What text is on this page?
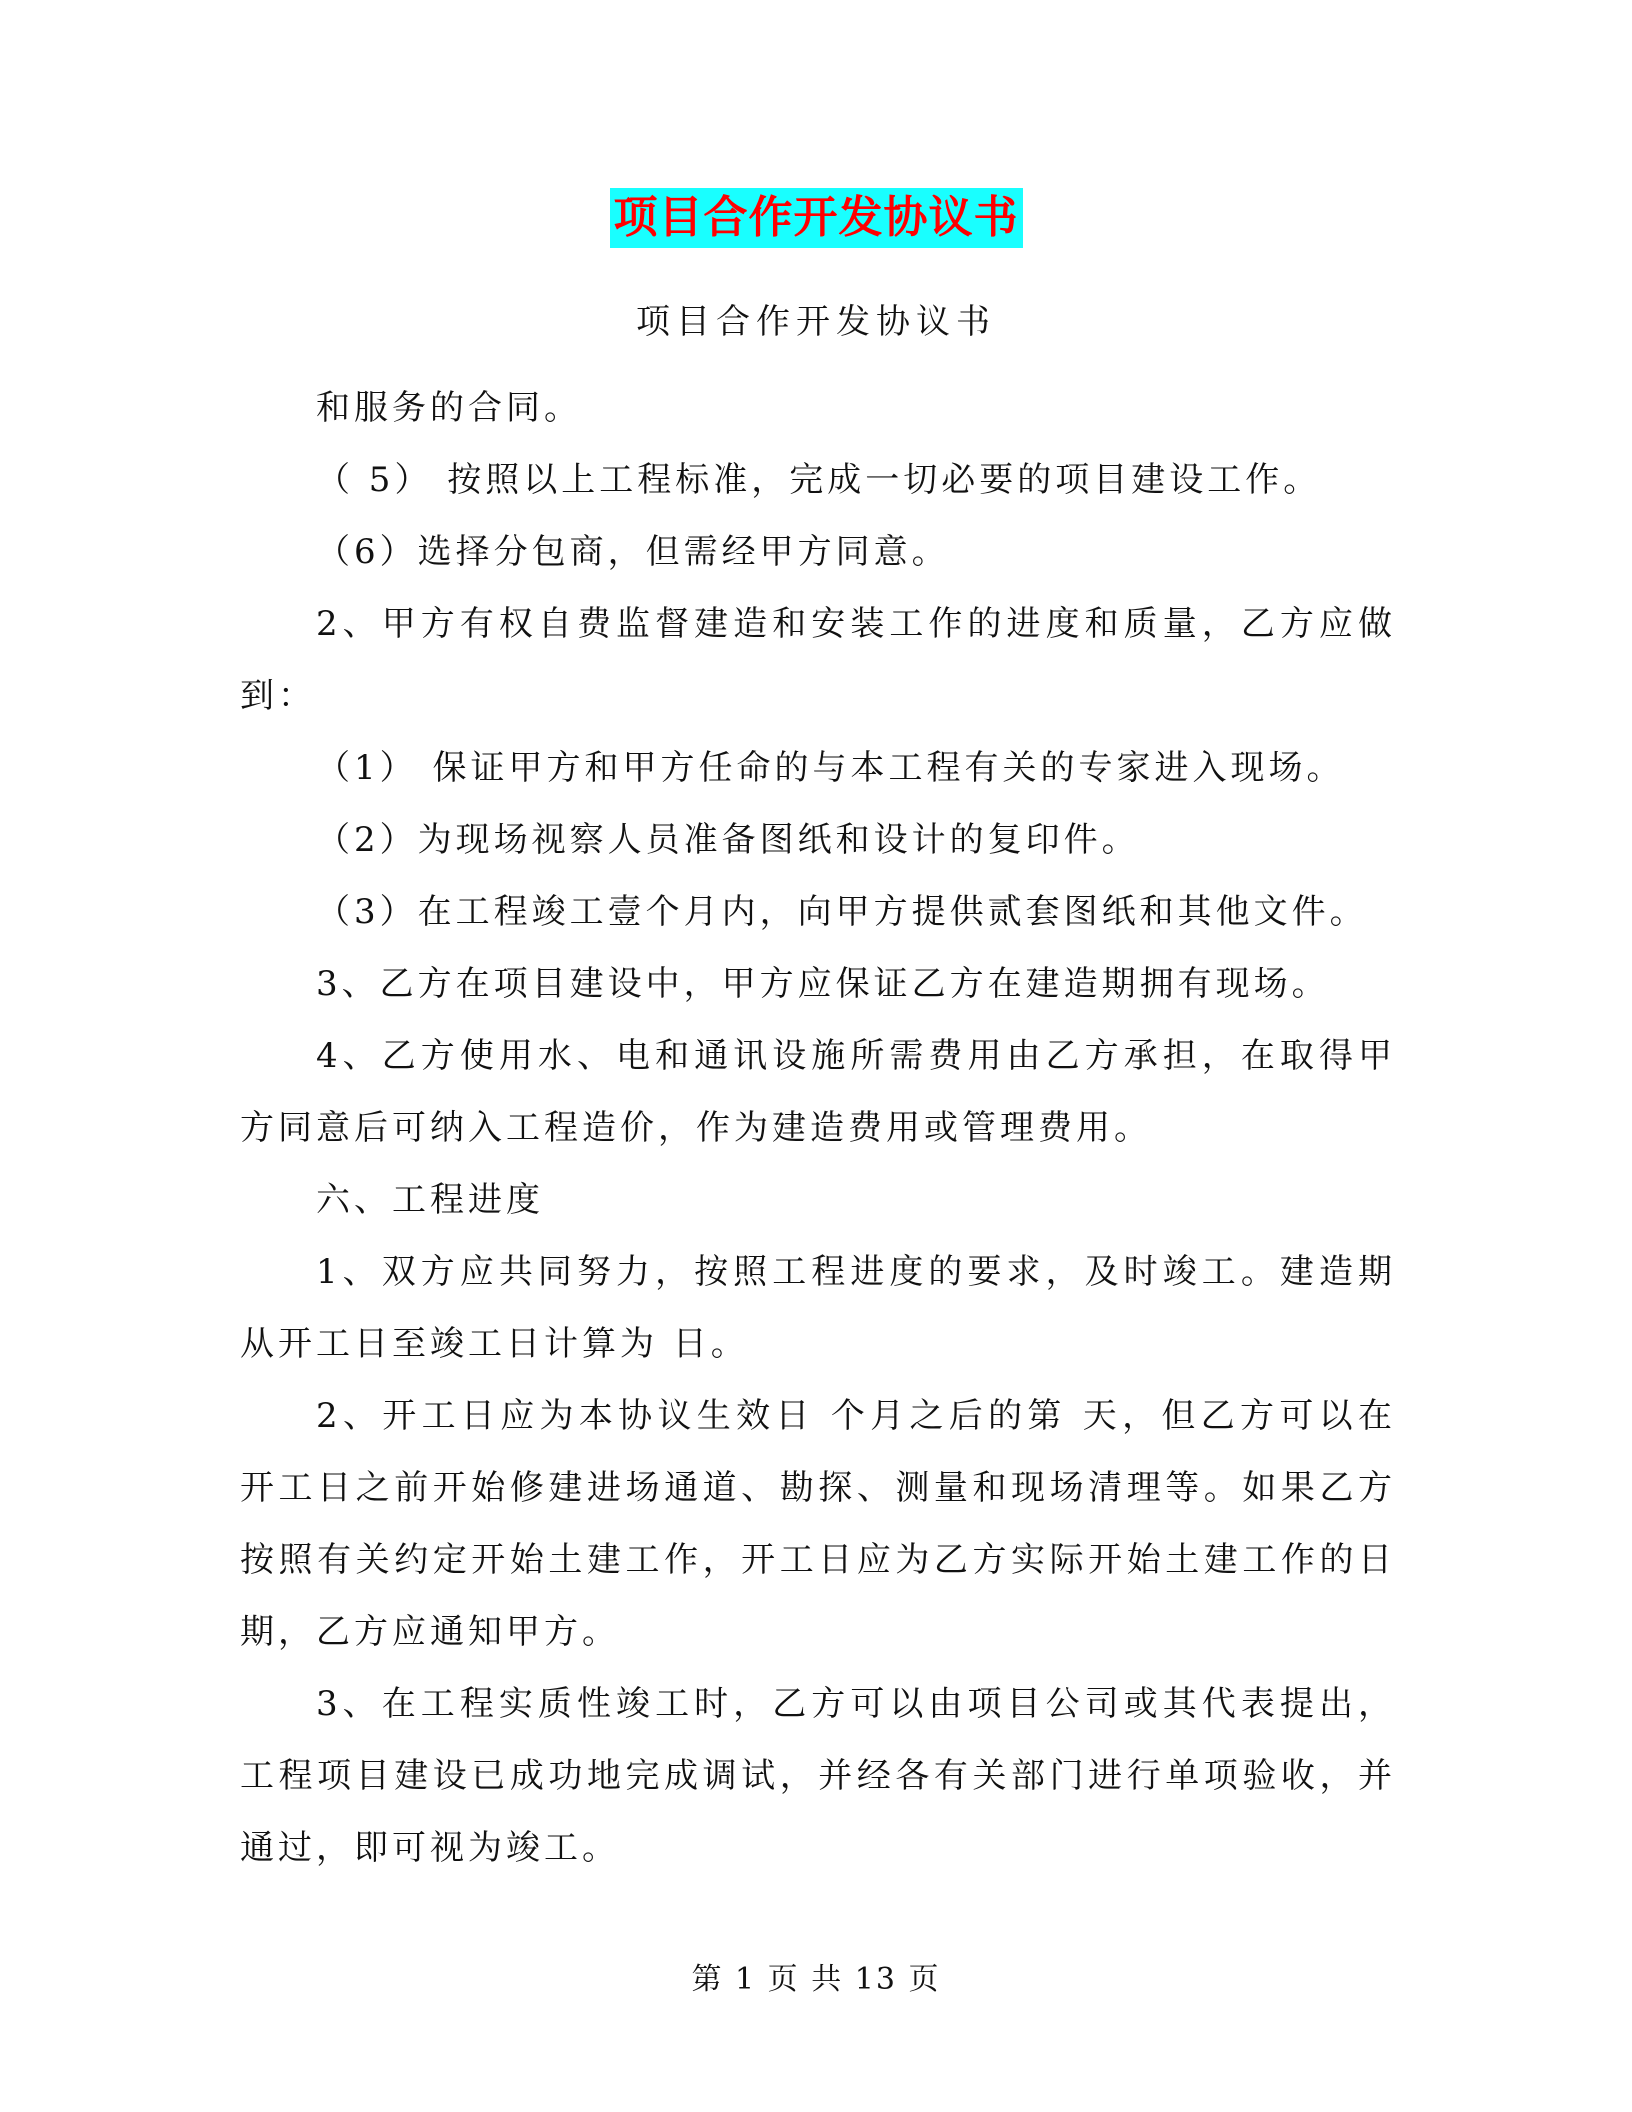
项目合作开发协议书
项目合作开发协议书

和服务的合同。

（ 5） 按照以上工程标准，完成一切必要的项目建设工作。

（6）选择分包商，但需经甲方同意。

2、甲方有权自费监督建造和安装工作的进度和质量，乙方应做到：

（1） 保证甲方和甲方任命的与本工程有关的专家进入现场。

（2）为现场视察人员准备图纸和设计的复印件。

（3）在工程竣工壹个月内，向甲方提供贰套图纸和其他文件。

3、乙方在项目建设中，甲方应保证乙方在建造期拥有现场。

4、乙方使用水、电和通讯设施所需费用由乙方承担，在取得甲方同意后可纳入工程造价，作为建造费用或管理费用。

六、工程进度

1、双方应共同努力，按照工程进度的要求，及时竣工。建造期从开工日至竣工日计算为 日。

2、开工日应为本协议生效日 个月之后的第 天，但乙方可以在开工日之前开始修建进场通道、勘探、测量和现场清理等。如果乙方按照有关约定开始土建工作，开工日应为乙方实际开始土建工作的日期，乙方应通知甲方。

3、在工程实质性竣工时，乙方可以由项目公司或其代表提出，工程项目建设已成功地完成调试，并经各有关部门进行单项验收，并通过，即可视为竣工。

第 1 页 共 13 页
